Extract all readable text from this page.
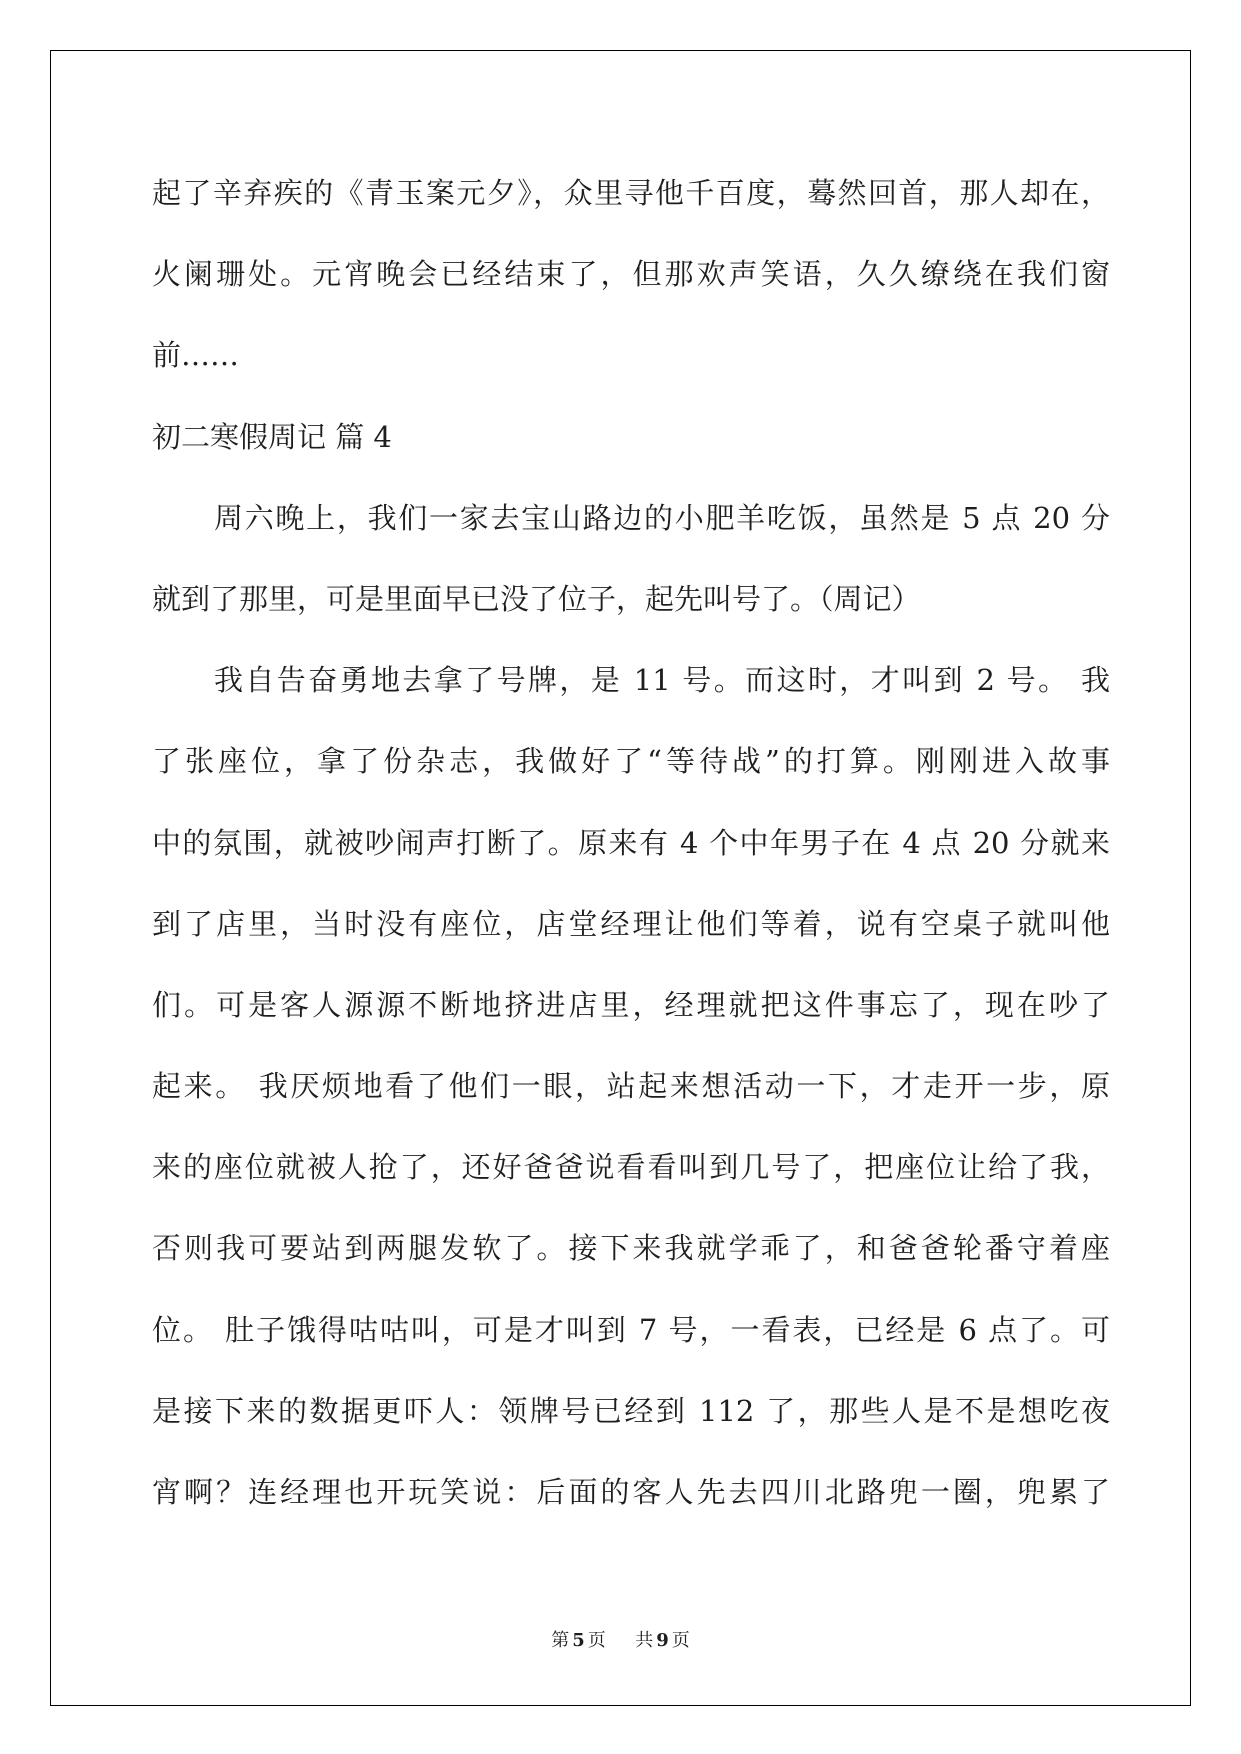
起了辛弃疾的《青玉案元夕》，众里寻他千百度，蓦然回首，那人却在，
火阑珊处。元宵晚会已经结束了，但那欢声笑语，久久缭绕在我们窗
前……
初二寒假周记 篇 4
周六晚上，我们一家去宝山路边的小肥羊吃饭，虽然是 5 点 20 分
就到了那里，可是里面早已没了位子，起先叫号了。（周记）
我自告奋勇地去拿了号牌，是 11 号。而这时，才叫到 2 号。 我
了张座位，拿了份杂志，我做好了“等待战”的打算。刚刚进入故事
中的氛围，就被吵闹声打断了。原来有 4 个中年男子在 4 点 20 分就来
到了店里，当时没有座位，店堂经理让他们等着，说有空桌子就叫他
们。可是客人源源不断地挤进店里，经理就把这件事忘了，现在吵了
起来。 我厌烦地看了他们一眼，站起来想活动一下，才走开一步，原
来的座位就被人抢了，还好爸爸说看看叫到几号了，把座位让给了我，
否则我可要站到两腿发软了。接下来我就学乖了，和爸爸轮番守着座
位。 肚子饿得咕咕叫，可是才叫到 7 号，一看表，已经是 6 点了。可
是接下来的数据更吓人：领牌号已经到 112 了，那些人是不是想吃夜
宵啊？连经理也开玩笑说：后面的客人先去四川北路兜一圈，兜累了
第 5 页 共 9 页
